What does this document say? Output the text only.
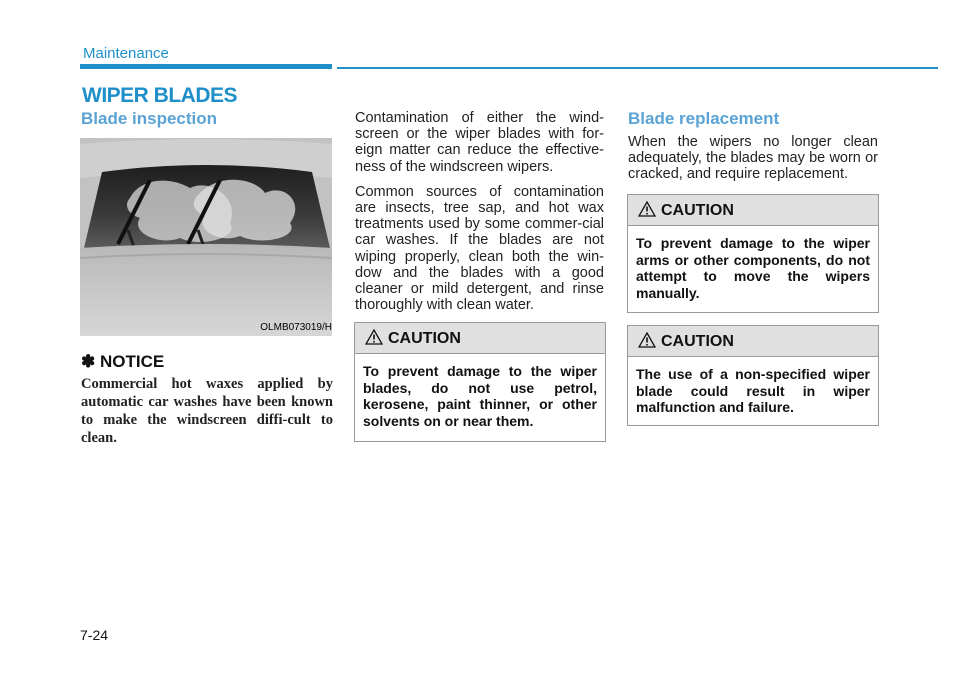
Maintenance
WIPER BLADES
Blade inspection
OLMB073019/H
✽ NOTICE
Commercial hot waxes applied by automatic car washes have been known to make the windscreen diffi-cult to clean.

Contamination of either the wind-screen or the wiper blades with for-eign matter can reduce the effective-ness of the windscreen wipers.

Common sources of contamination are insects, tree sap, and hot wax treatments used by some commer-cial car washes. If the blades are not wiping properly, clean both the win-dow and the blades with a good cleaner or mild detergent, and rinse thoroughly with clean water.

CAUTION
To prevent damage to the wiper blades, do not use petrol, kerosene, paint thinner, or other solvents on or near them.
Blade replacement
When the wipers no longer clean adequately, the blades may be worn or cracked, and require replacement.
CAUTION
To prevent damage to the wiper arms or other components, do not attempt to move the wipers manually.
CAUTION
The use of a non-specified wiper blade could result in wiper malfunction and failure.
7-24
